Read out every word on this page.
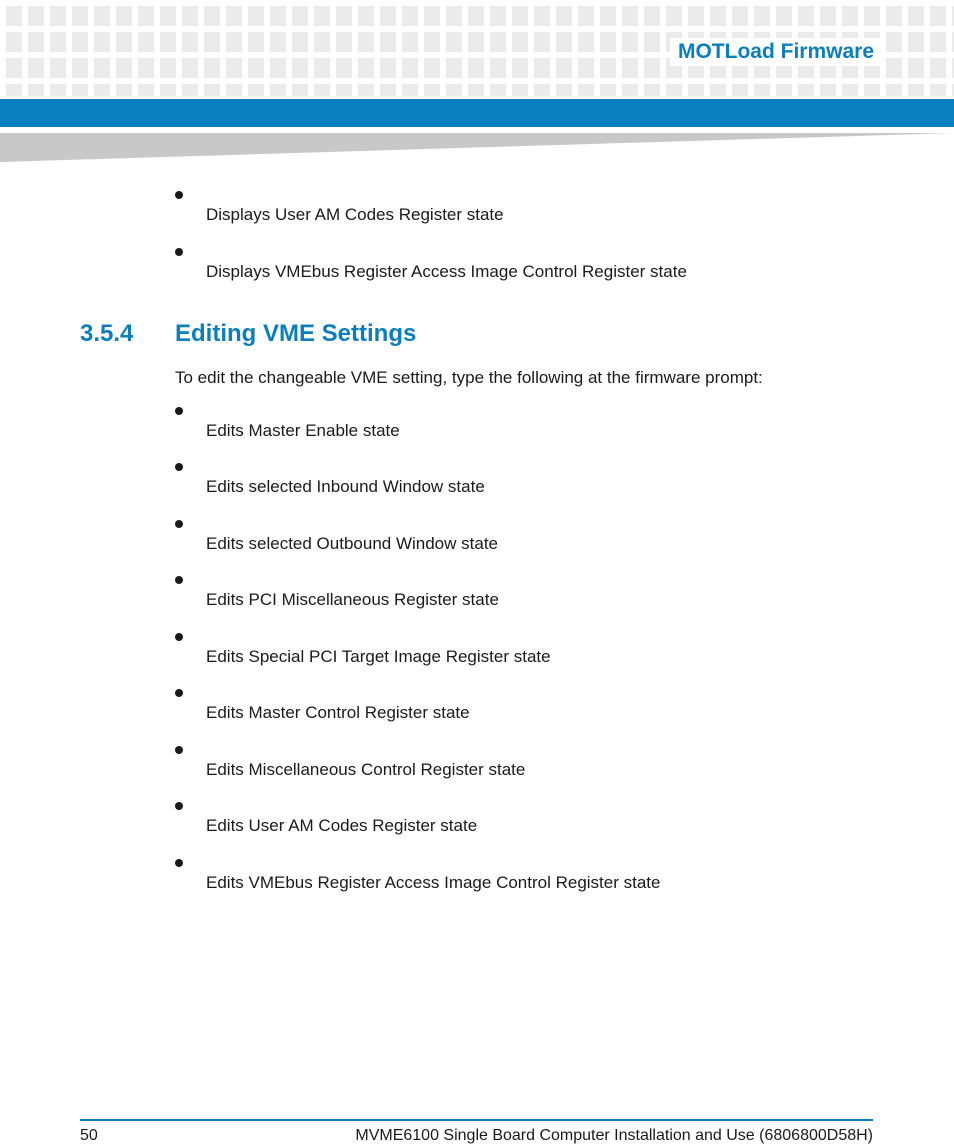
MOTLoad Firmware
Displays User AM Codes Register state
Displays VMEbus Register Access Image Control Register state
3.5.4 Editing VME Settings
To edit the changeable VME setting, type the following at the firmware prompt:
Edits Master Enable state
Edits selected Inbound Window state
Edits selected Outbound Window state
Edits PCI Miscellaneous Register state
Edits Special PCI Target Image Register state
Edits Master Control Register state
Edits Miscellaneous Control Register state
Edits User AM Codes Register state
Edits VMEbus Register Access Image Control Register state
50	MVME6100 Single Board Computer Installation and Use (6806800D58H)
